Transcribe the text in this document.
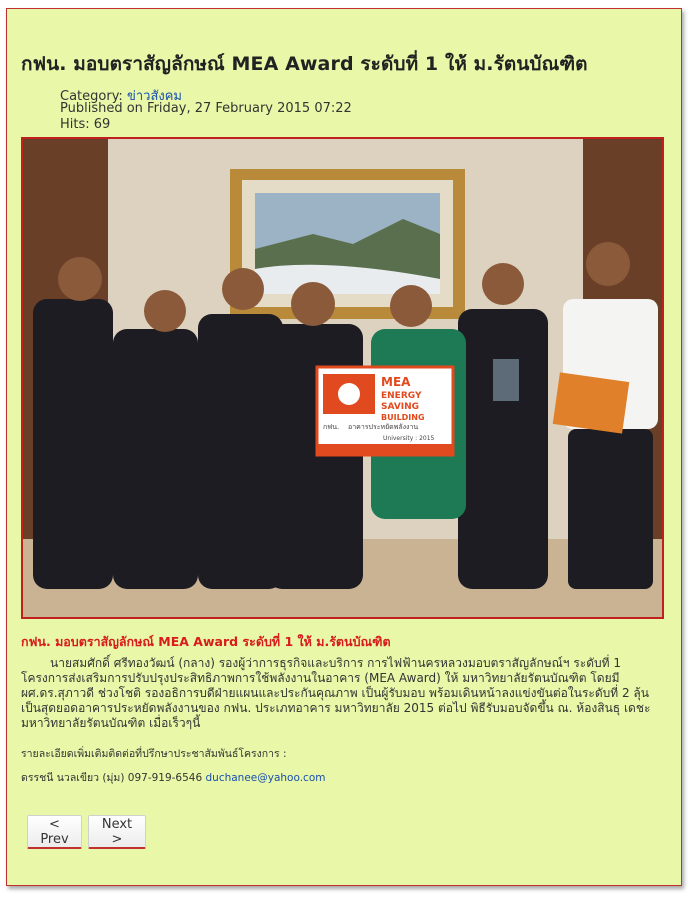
กฟน. มอบตราสัญลักษณ์ MEA Award ระดับที่ 1 ให้ ม.รัตนบัณฑิต
Category: ข่าวสังคม
Published on Friday, 27 February 2015 07:22
Hits: 69
MEA
ENERGY
SAVING
BUILDING
กฟน. อาคารประหยัดพลังงาน
University : 2015
กฟน. มอบตราสัญลักษณ์ MEA Award ระดับที่ 1 ให้ ม.รัตนบัณฑิต

นายสมศักดิ์ ศรีทองวัฒน์ (กลาง) รองผู้ว่าการธุรกิจและบริการ การไฟฟ้านครหลวงมอบตราสัญลักษณ์ฯ ระดับที่ 1 โครงการส่งเสริมการปรับปรุงประสิทธิภาพการใช้พลังงานในอาคาร (MEA Award) ให้ มหาวิทยาลัยรัตนบัณฑิต โดยมี ผศ.ดร.สุภาวดี ช่วงโชติ รองอธิการบดีฝ่ายแผนและประกันคุณภาพ เป็นผู้รับมอบ พร้อมเดินหน้าลงแข่งขันต่อในระดับที่ 2 ลุ้นเป็นสุดยอดอาคารประหยัดพลังงานของ กฟน. ประเภทอาคาร มหาวิทยาลัย 2015 ต่อไป พิธีรับมอบจัดขึ้น ณ. ห้องสินธุ เดชะ มหาวิทยาลัยรัตนบัณฑิต เมื่อเร็วๆนี้

รายละเอียดเพิ่มเติมติดต่อที่ปรึกษาประชาสัมพันธ์โครงการ :
ดรรชนี นวลเขียว (มุ่ม) 097-919-6546 duchanee@yahoo.com
< Prev
Next >
